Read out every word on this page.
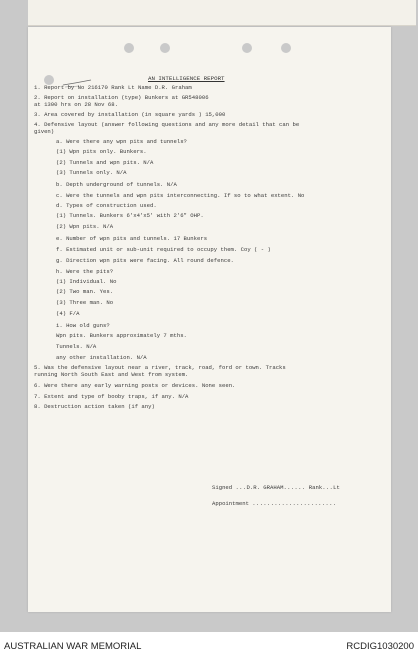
AN INTELLIGENCE REPORT
1. Report by No 216170 Rank Lt Name D.R. Graham
2. Report on installation (type) Bunkers at GR548006
at 1300 hrs on 28 Nov 68.
3. Area covered by installation (in square yards ) 15,000
4. Defensive layout (answer following questions and any more detail that can be
given)
a. Were there any wpn pits and tunnels?
(1) Wpn pits only. Bunkers.
(2) Tunnels and wpn pits. N/A
(3) Tunnels only. N/A
b. Depth underground of tunnels. N/A
c. Were the tunnels and wpn pits interconnecting. If so to what extent. No
d. Types of construction used.
(1) Tunnels. Bunkers 6'x4'x5' with 2'6" OHP.
(2) Wpn pits. N/A
e. Number of wpn pits and tunnels. 17 Bunkers
f. Estimated unit or sub-unit required to occupy them. Coy ( - )
g. Direction wpn pits were facing. All round defence.
h. Were the pits?
(1) Individual. No
(2) Two man. Yes.
(3) Three man. No
(4) F/A
i. How old guns?
Wpn pits. Bunkers approximately 7 mths.
Tunnels. N/A
any other installation. N/A
5. Was the defensive layout near a river, track, road, ford or town. Tracks
running North South East and West from system.
6. Were there any early warning posts or devices. None seen.
7. Extent and type of booby traps, if any. N/A
8. Destruction action taken (if any)
Signed ...D.R. GRAHAM...... Rank...Lt
Appointment .......................
AUSTRALIAN WAR MEMORIAL	RCDIG1030200
